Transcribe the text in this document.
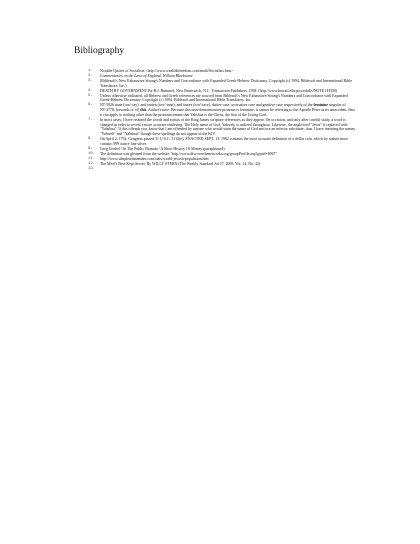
Bibliography
1.	Notable Quotes of Socialists <http://www.wealthbfreedom.com/math/Socialists.htm>
2.	Commentaries on the Laws of England, William Blackstone
3.	(Biblesoft's New Exhaustive Strong's Numbers and Concordance with Expanded Greek-Hebrew Dictionary. Copyright (c) 1994, Biblesoft and International Bible Translators, Inc.)
4.	DEATH BY GOVERNMENT By R.J. Rummel, New Brunswick, N.J.: Transaction Publishers, 1994. (http://www.hawaii.edu/powerkills/NOTE1.HTM)
5.	Unless otherwise indicated, all Hebrew and Greek references are sourced from Biblesoft's New Exhaustive Strong's Numbers and Concordance with Expanded Greek-Hebrew Dictionary. Copyright (c) 1994, Biblesoft and International Bible Translators, Inc.
6.	NT:5026 taute (tow'-tay); and tauten (tow'-tane); and tautes (tow'-tace); dative case, accusative case and genitive case respectively of the feminine singular of NT:3778; (towards or of) this. Author's note: Because this near-demonstrative pronoun is feminine, it cannot be referring to the Apostle Peter as its antecedent, thus it can apply to nothing other than the pronouncement that Yahshua is the Christ, the Son of the Living God.
7.	In most cases, I have retained the words and syntax of the King James scripture references as they appear. On occasion, and only after careful study, a word is changed in order to reveal a more accurate rendering. The Holy name of God, Yahweh, is utilized throughout. Likewise, the anglicized "Jesus" is replaced with "Yahshua". If this offends you, know that I am offended by anyone who would stain the name of God and use an inferior substitute, thus, I have inserting the names "Yahweh" and "Yahshua" though these spellings do not appear in the KJV.
8.	On April 2, 1792, Congress passed 31 U.S.C. 5112(e), ENACTED SEPT. 13, 1982 contains the most accurate definition of a dollar coin, which by statute must contain .999 ounce fine silver.
9.	Greg Goebel / In The Public Domain / A Short History Of Money (paraphrased)
10.	The definition was gleaned from the website "http://www.discoverthenetworks.org/groupProfile.asp?grpid=6967"
11.	http://www.simpletonmember.com/stats/world-jewish-population.htm
12.	The Meel's Best-Kept Secret, By WILLY STERN (The Weekly Standard Jul 27, 2009, Vol. 14, No. 42)
13.
